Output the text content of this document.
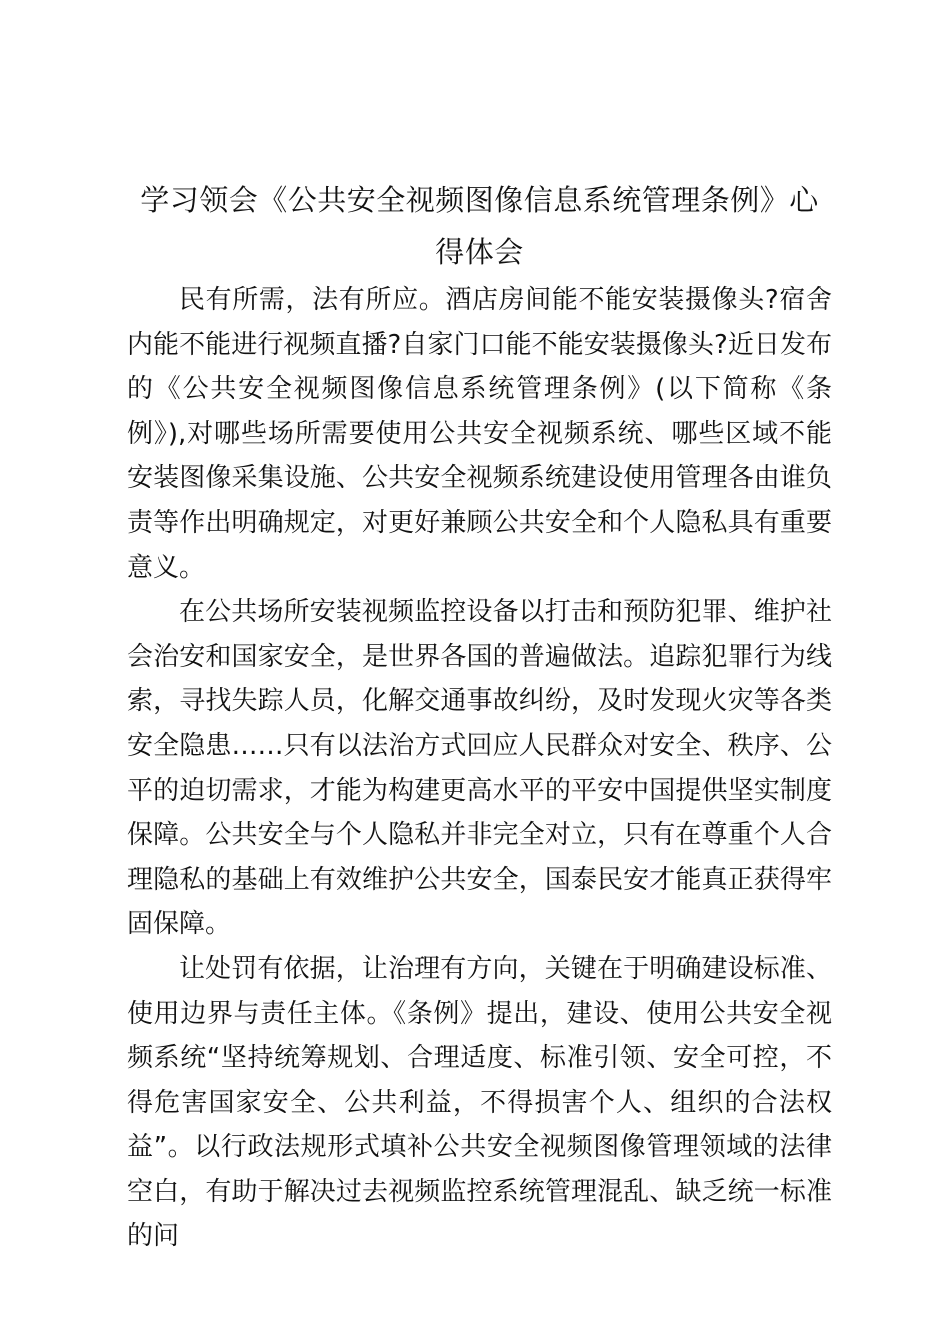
学习领会《公共安全视频图像信息系统管理条例》心得体会

民有所需，法有所应。酒店房间能不能安装摄像头?宿舍内能不能进行视频直播?自家门口能不能安装摄像头?近日发布的《公共安全视频图像信息系统管理条例》(以下简称《条例》),对哪些场所需要使用公共安全视频系统、哪些区域不能安装图像采集设施、公共安全视频系统建设使用管理各由谁负责等作出明确规定，对更好兼顾公共安全和个人隐私具有重要意义。

在公共场所安装视频监控设备以打击和预防犯罪、维护社会治安和国家安全，是世界各国的普遍做法。追踪犯罪行为线索，寻找失踪人员，化解交通事故纠纷，及时发现火灾等各类安全隐患……只有以法治方式回应人民群众对安全、秩序、公平的迫切需求，才能为构建更高水平的平安中国提供坚实制度保障。公共安全与个人隐私并非完全对立，只有在尊重个人合理隐私的基础上有效维护公共安全，国泰民安才能真正获得牢固保障。

让处罚有依据，让治理有方向，关键在于明确建设标准、使用边界与责任主体。《条例》提出，建设、使用公共安全视频系统“坚持统筹规划、合理适度、标准引领、安全可控，不得危害国家安全、公共利益，不得损害个人、组织的合法权益”。以行政法规形式填补公共安全视频图像管理领域的法律空白，有助于解决过去视频监控系统管理混乱、缺乏统一标准的问
